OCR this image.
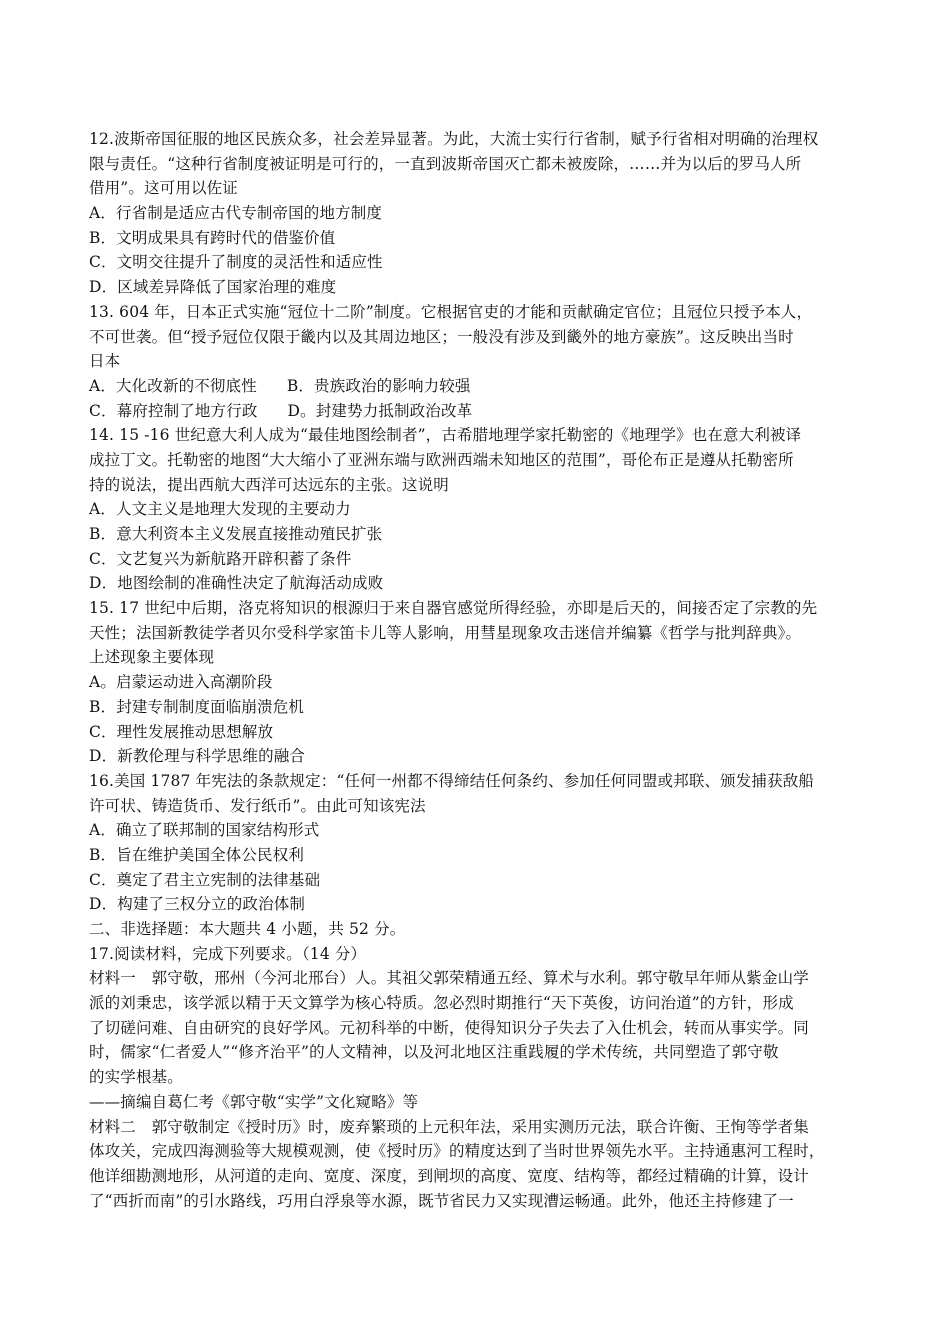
12.波斯帝国征服的地区民族众多，社会差异显著。为此，大流士实行行省制，赋予行省相对明确的治理权
限与责任。“这种行省制度被证明是可行的，一直到波斯帝国灭亡都未被废除，……并为以后的罗马人所
借用”。这可用以佐证
A．行省制是适应古代专制帝国的地方制度
B．文明成果具有跨时代的借鉴价值
C．文明交往提升了制度的灵活性和适应性
D．区域差异降低了国家治理的难度
13. 604 年，日本正式实施“冠位十二阶”制度。它根据官吏的才能和贡献确定官位；且冠位只授予本人，
不可世袭。但“授予冠位仅限于畿内以及其周边地区；一般没有涉及到畿外的地方豪族”。这反映出当时
日本
A．大化改新的不彻底性 B．贵族政治的影响力较强
C．幕府控制了地方行政 D。封建势力抵制政治改革
14. 15 -16 世纪意大利人成为“最佳地图绘制者”，古希腊地理学家托勒密的《地理学》也在意大利被译
成拉丁文。托勒密的地图“大大缩小了亚洲东端与欧洲西端未知地区的范围”，哥伦布正是遵从托勒密所
持的说法，提出西航大西洋可达远东的主张。这说明
A．人文主义是地理大发现的主要动力
B．意大利资本主义发展直接推动殖民扩张
C．文艺复兴为新航路开辟积蓄了条件
D．地图绘制的准确性决定了航海活动成败
15. 17 世纪中后期，洛克将知识的根源归于来自器官感觉所得经验，亦即是后天的，间接否定了宗教的先
天性；法国新教徒学者贝尔受科学家笛卡儿等人影响，用彗星现象攻击迷信并编纂《哲学与批判辞典》。
上述现象主要体现
A。启蒙运动进入高潮阶段
B．封建专制制度面临崩溃危机
C．理性发展推动思想解放
D．新教伦理与科学思维的融合
16.美国 1787 年宪法的条款规定：“任何一州都不得缔结任何条约、参加任何同盟或邦联、颁发捕获敌船
许可状、铸造货币、发行纸币”。由此可知该宪法
A．确立了联邦制的国家结构形式
B．旨在维护美国全体公民权利
C．奠定了君主立宪制的法律基础
D．构建了三权分立的政治体制
二、非选择题：本大题共 4 小题，共 52 分。
17.阅读材料，完成下列要求。（14 分）
材料一　郭守敬，邢州（今河北邢台）人。其祖父郭荣精通五经、算术与水利。郭守敬早年师从紫金山学
派的刘秉忠，该学派以精于天文算学为核心特质。忽必烈时期推行“天下英俊，访问治道”的方针，形成
了切磋问难、自由研究的良好学风。元初科举的中断，使得知识分子失去了入仕机会，转而从事实学。同
时，儒家“仁者爱人”“修齐治平”的人文精神，以及河北地区注重践履的学术传统，共同塑造了郭守敬
的实学根基。
——摘编自葛仁考《郭守敬“实学”文化窥略》等
材料二　郭守敬制定《授时历》时，废弃繁琐的上元积年法，采用实测历元法，联合许衡、王恂等学者集
体攻关，完成四海测验等大规模观测，使《授时历》的精度达到了当时世界领先水平。主持通惠河工程时，
他详细勘测地形，从河道的走向、宽度、深度，到闸坝的高度、宽度、结构等，都经过精确的计算，设计
了“西折而南”的引水路线，巧用白浮泉等水源，既节省民力又实现漕运畅通。此外，他还主持修建了一
